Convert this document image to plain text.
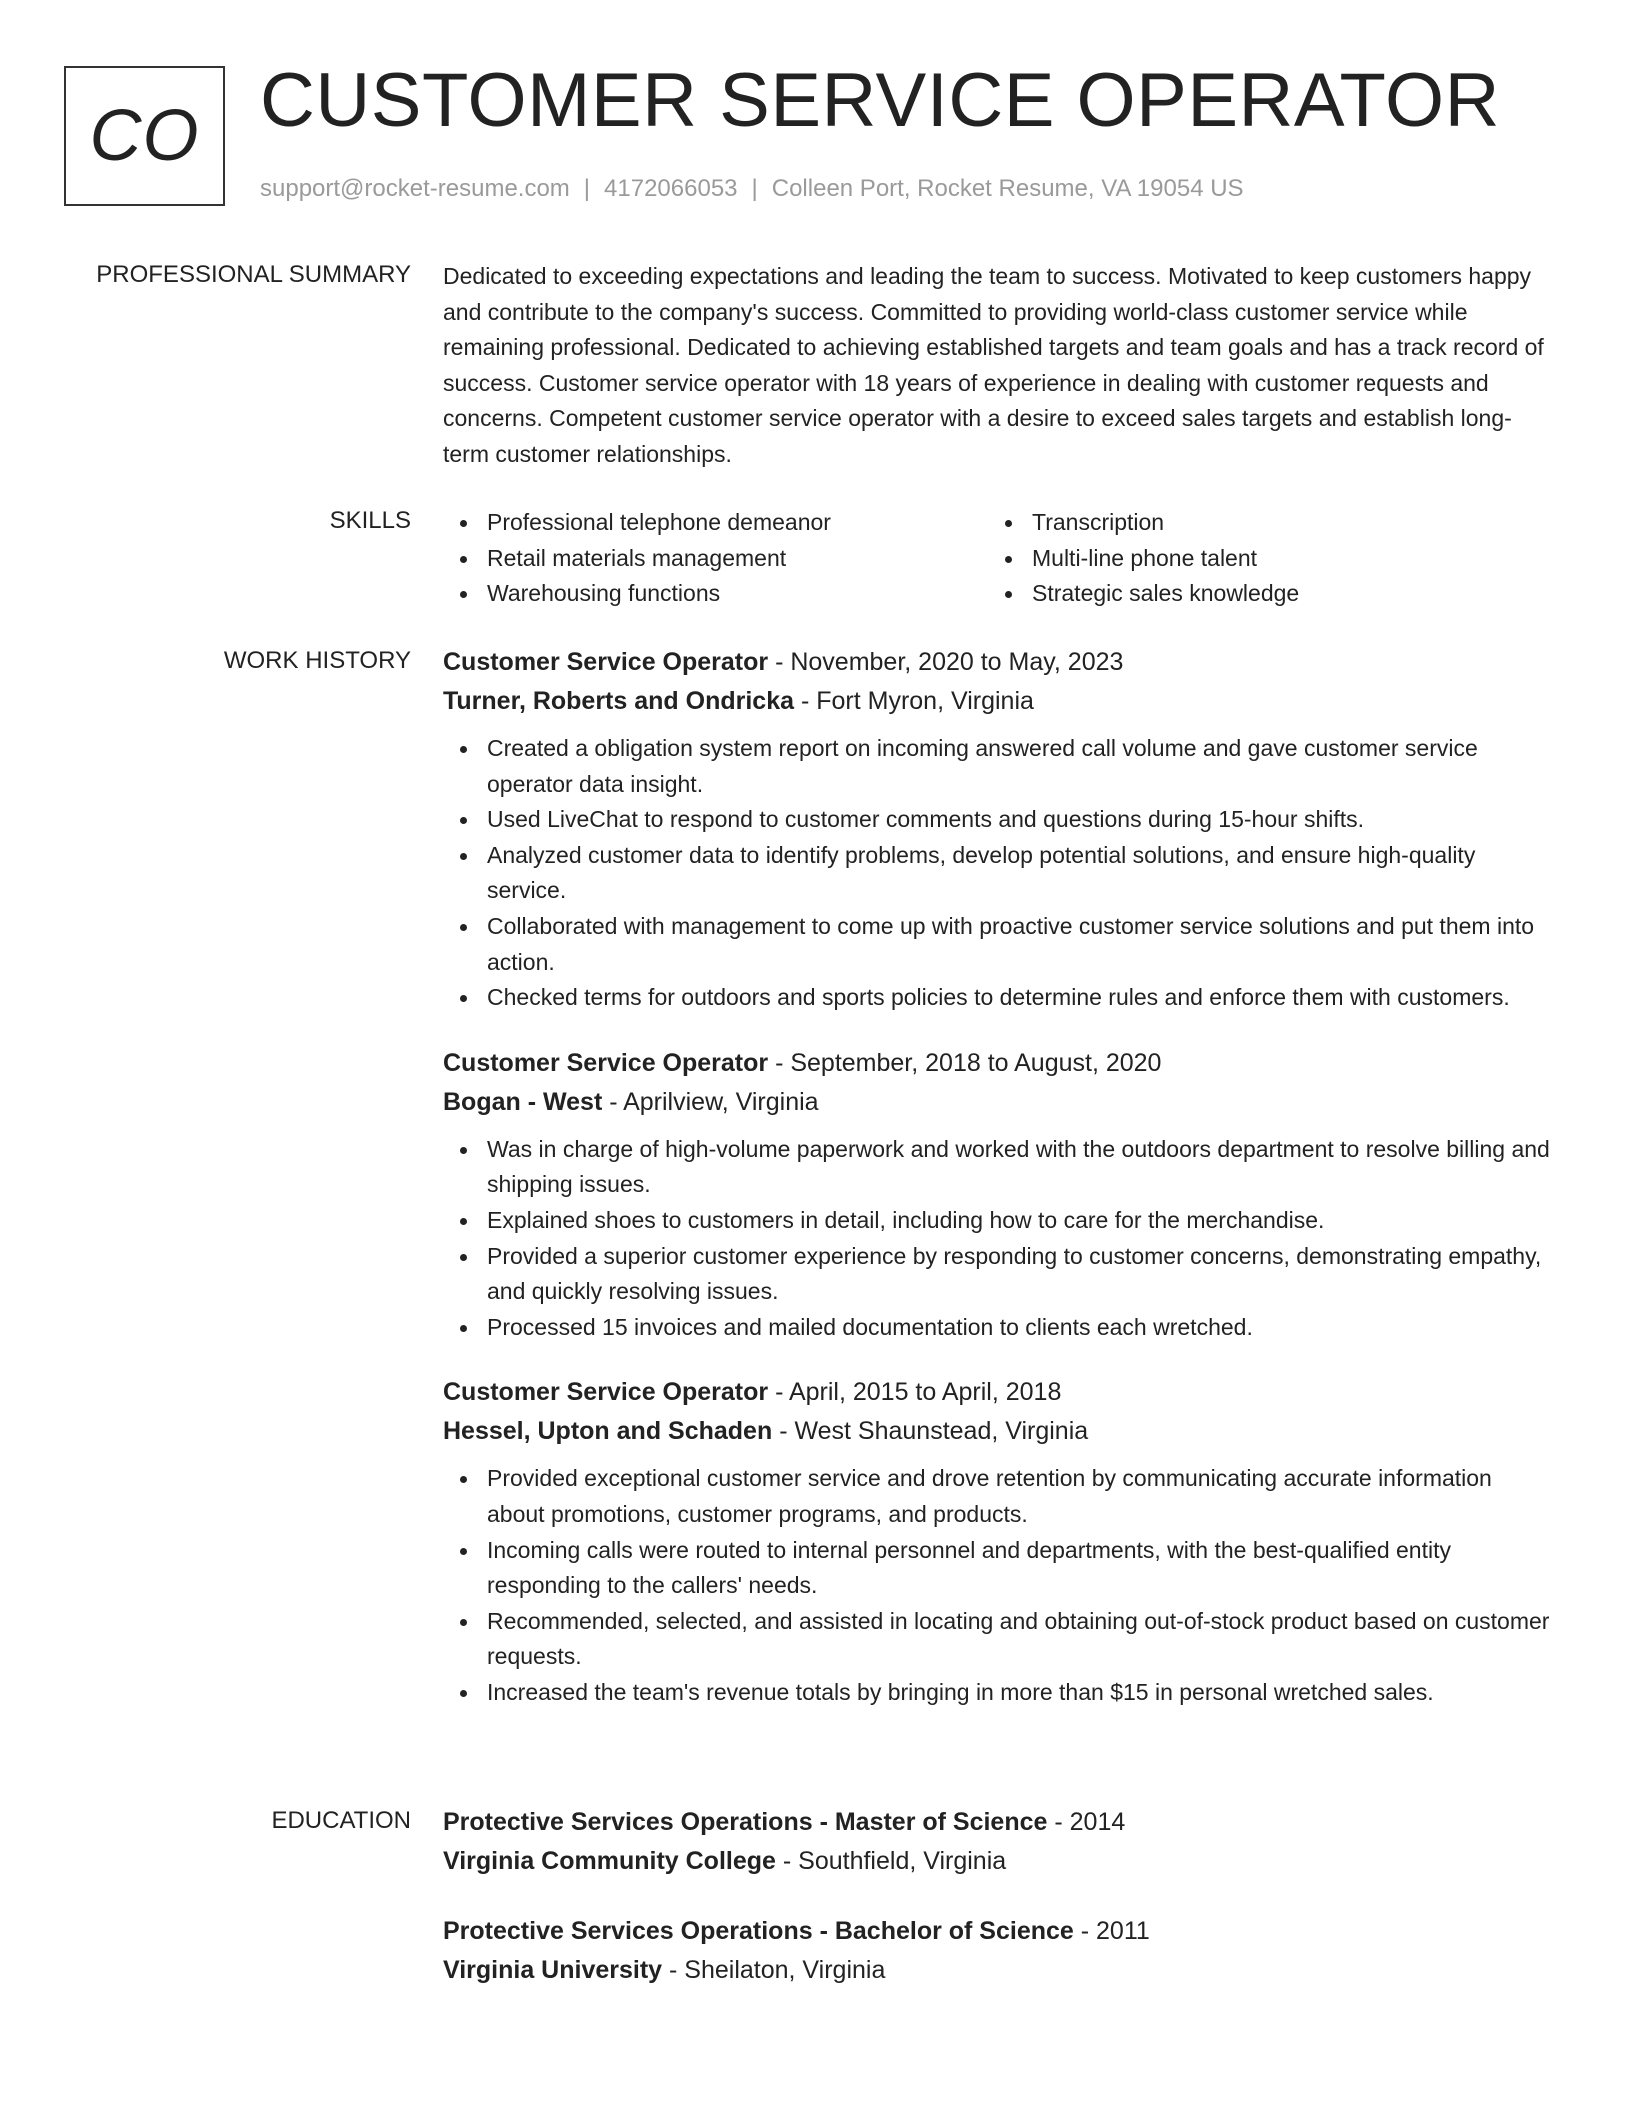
CO CUSTOMER SERVICE OPERATOR
support@rocket-resume.com | 4172066053 | Colleen Port, Rocket Resume, VA 19054 US
PROFESSIONAL SUMMARY Dedicated to exceeding expectations and leading the team to success. Motivated to keep customers happy and contribute to the company's success. Committed to providing world-class customer service while remaining professional. Dedicated to achieving established targets and team goals and has a track record of success. Customer service operator with 18 years of experience in dealing with customer requests and concerns. Competent customer service operator with a desire to exceed sales targets and establish long-term customer relationships.

SKILLS	Professional telephone demeanor
Retail materials management
Warehousing functions
Transcription
Multi-line phone talent
Strategic sales knowledge
WORK HISTORY Customer Service Operator - November, 2020 to May, 2023
Turner, Roberts and Ondricka - Fort Myron, Virginia
Created a obligation system report on incoming answered call volume and gave customer service operator data insight.
Used LiveChat to respond to customer comments and questions during 15-hour shifts.
Analyzed customer data to identify problems, develop potential solutions, and ensure high-quality service.
Collaborated with management to come up with proactive customer service solutions and put them into action.
Checked terms for outdoors and sports policies to determine rules and enforce them with customers.
Customer Service Operator - September, 2018 to August, 2020
Bogan - West - Aprilview, Virginia
Was in charge of high-volume paperwork and worked with the outdoors department to resolve billing and shipping issues.
Explained shoes to customers in detail, including how to care for the merchandise.
Provided a superior customer experience by responding to customer concerns, demonstrating empathy, and quickly resolving issues.
Processed 15 invoices and mailed documentation to clients each wretched.
Customer Service Operator - April, 2015 to April, 2018
Hessel, Upton and Schaden - West Shaunstead, Virginia
Provided exceptional customer service and drove retention by communicating accurate information about promotions, customer programs, and products.
Incoming calls were routed to internal personnel and departments, with the best-qualified entity responding to the callers' needs.
Recommended, selected, and assisted in locating and obtaining out-of-stock product based on customer requests.
Increased the team's revenue totals by bringing in more than $15 in personal wretched sales.
EDUCATION Protective Services Operations - Master of Science - 2014
Virginia Community College - Southfield, Virginia
Protective Services Operations - Bachelor of Science - 2011
Virginia University - Sheilaton, Virginia
